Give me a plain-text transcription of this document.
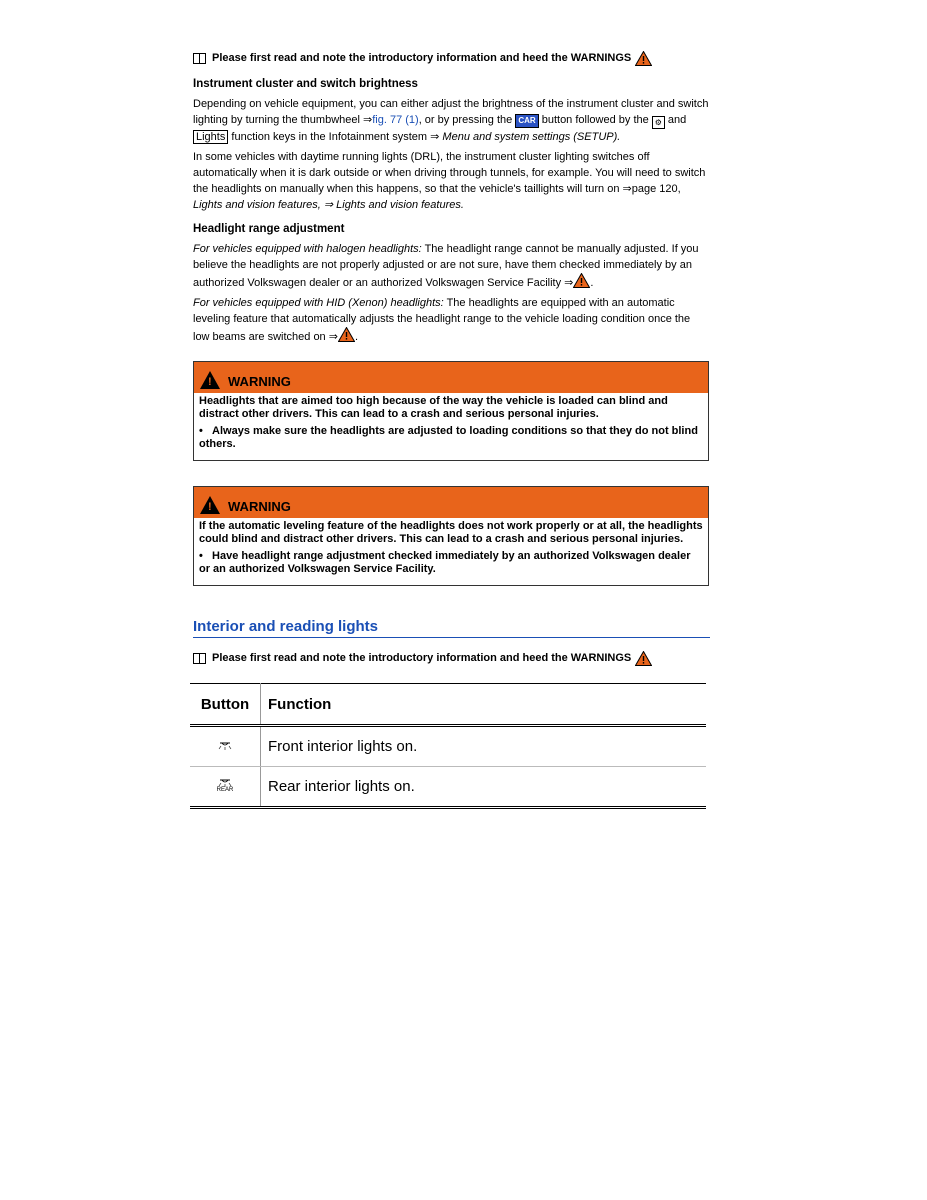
Please first read and note the introductory information and heed the WARNINGS
Instrument cluster and switch brightness

Depending on vehicle equipment, you can either adjust the brightness of the instrument cluster and switch lighting by turning the thumbwheel ⇒fig. 77 (1), or by pressing the CAR button followed by the ⚙ and Lights function keys in the Infotainment system ⇒ Menu and system settings (SETUP).

In some vehicles with daytime running lights (DRL), the instrument cluster lighting switches off automatically when it is dark outside or when driving through tunnels, for example. You will need to switch the headlights on manually when this happens, so that the vehicle's taillights will turn on ⇒page 120,
Lights and vision features, ⇒ Lights and vision features.

Headlight range adjustment

For vehicles equipped with halogen headlights: The headlight range cannot be manually adjusted. If you believe the headlights are not properly adjusted or are not sure, have them checked immediately by an authorized Volkswagen dealer or an authorized Volkswagen Service Facility ⇒ .

For vehicles equipped with HID (Xenon) headlights: The headlights are equipped with an automatic leveling feature that automatically adjusts the headlight range to the vehicle loading condition once the low beams are switched on ⇒ .

!
WARNING
Headlights that are aimed too high because of the way the vehicle is loaded can blind and distract other drivers. This can lead to a crash and serious personal injuries.
•   Always make sure the headlights are adjusted to loading conditions so that they do not blind others.
!
WARNING
If the automatic leveling feature of the headlights does not work properly or at all, the headlights could blind and distract other drivers. This can lead to a crash and serious personal injuries.
•   Have headlight range adjustment checked immediately by an authorized Volkswagen dealer or an authorized Volkswagen Service Facility.
Interior and reading lights
Please first read and note the introductory information and heed the WARNINGS
Button	Function

	Front interior lights on.

REAR	Rear interior lights on.
